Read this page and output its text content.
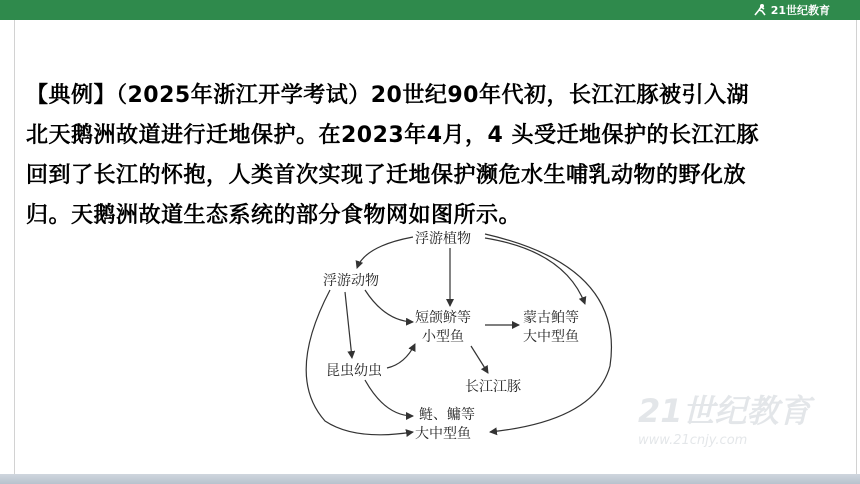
21世纪教育
【典例】（2025年浙江开学考试）20世纪90年代初，长江江豚被引入湖
北天鹅洲故道进行迁地保护。在2023年4月，4 头受迁地保护的长江江豚
回到了长江的怀抱，人类首次实现了迁地保护濒危水生哺乳动物的野化放
归。天鹅洲故道生态系统的部分食物网如图所示。
浮游植物
浮游动物
短颌鲚等
小型鱼
蒙古鲌等
大中型鱼
昆虫幼虫
长江江豚
鲢、鳙等
大中型鱼
21世纪教育
www.21cnjy.com
